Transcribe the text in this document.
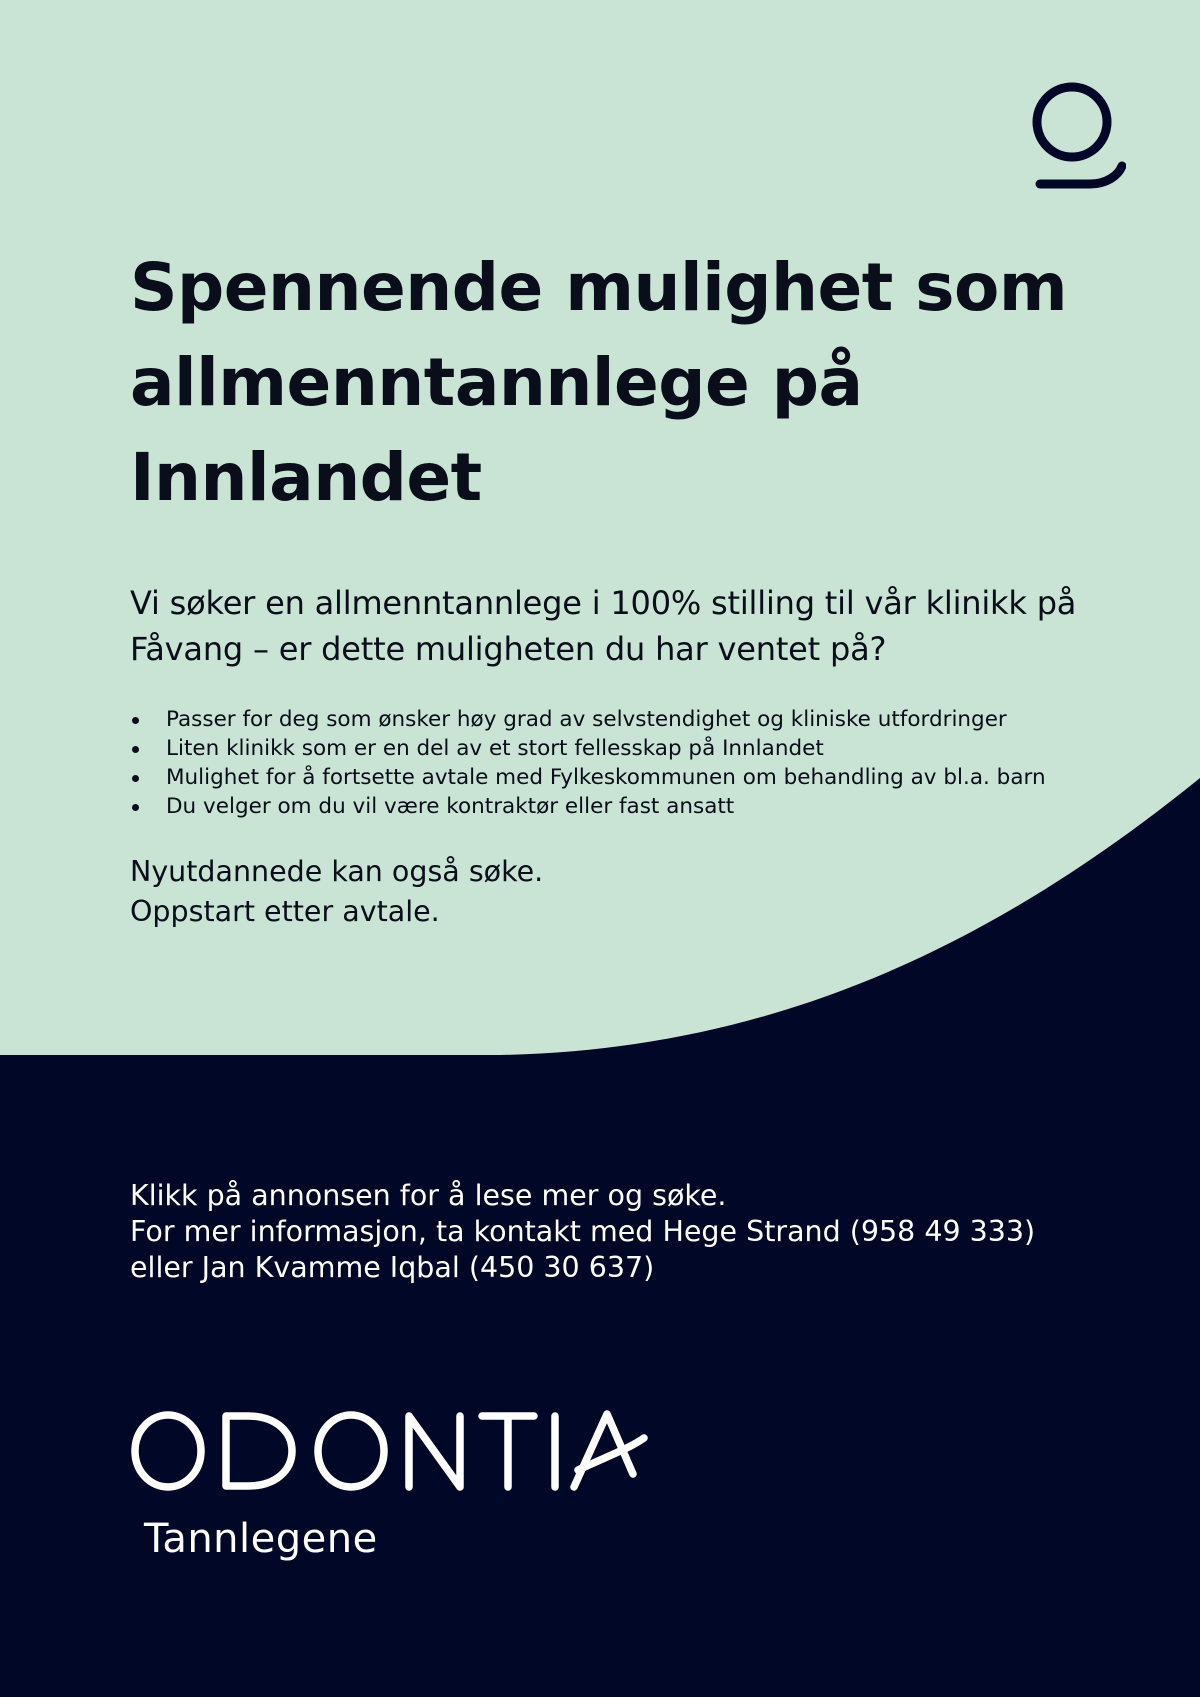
Spennende mulighet som
allmenntannlege på
Innlandet

Vi søker en allmenntannlege i 100% stilling til vår klinikk på
Fåvang – er dette muligheten du har ventet på?

Passer for deg som ønsker høy grad av selvstendighet og kliniske utfordringer
Liten klinikk som er en del av et stort fellesskap på Innlandet
Mulighet for å fortsette avtale med Fylkeskommunen om behandling av bl.a. barn
Du velger om du vil være kontraktør eller fast ansatt

Nyutdannede kan også søke.
Oppstart etter avtale.

Klikk på annonsen for å lese mer og søke.
For mer informasjon, ta kontakt med Hege Strand (958 49 333)
eller Jan Kvamme Iqbal (450 30 637)

Tannlegene
